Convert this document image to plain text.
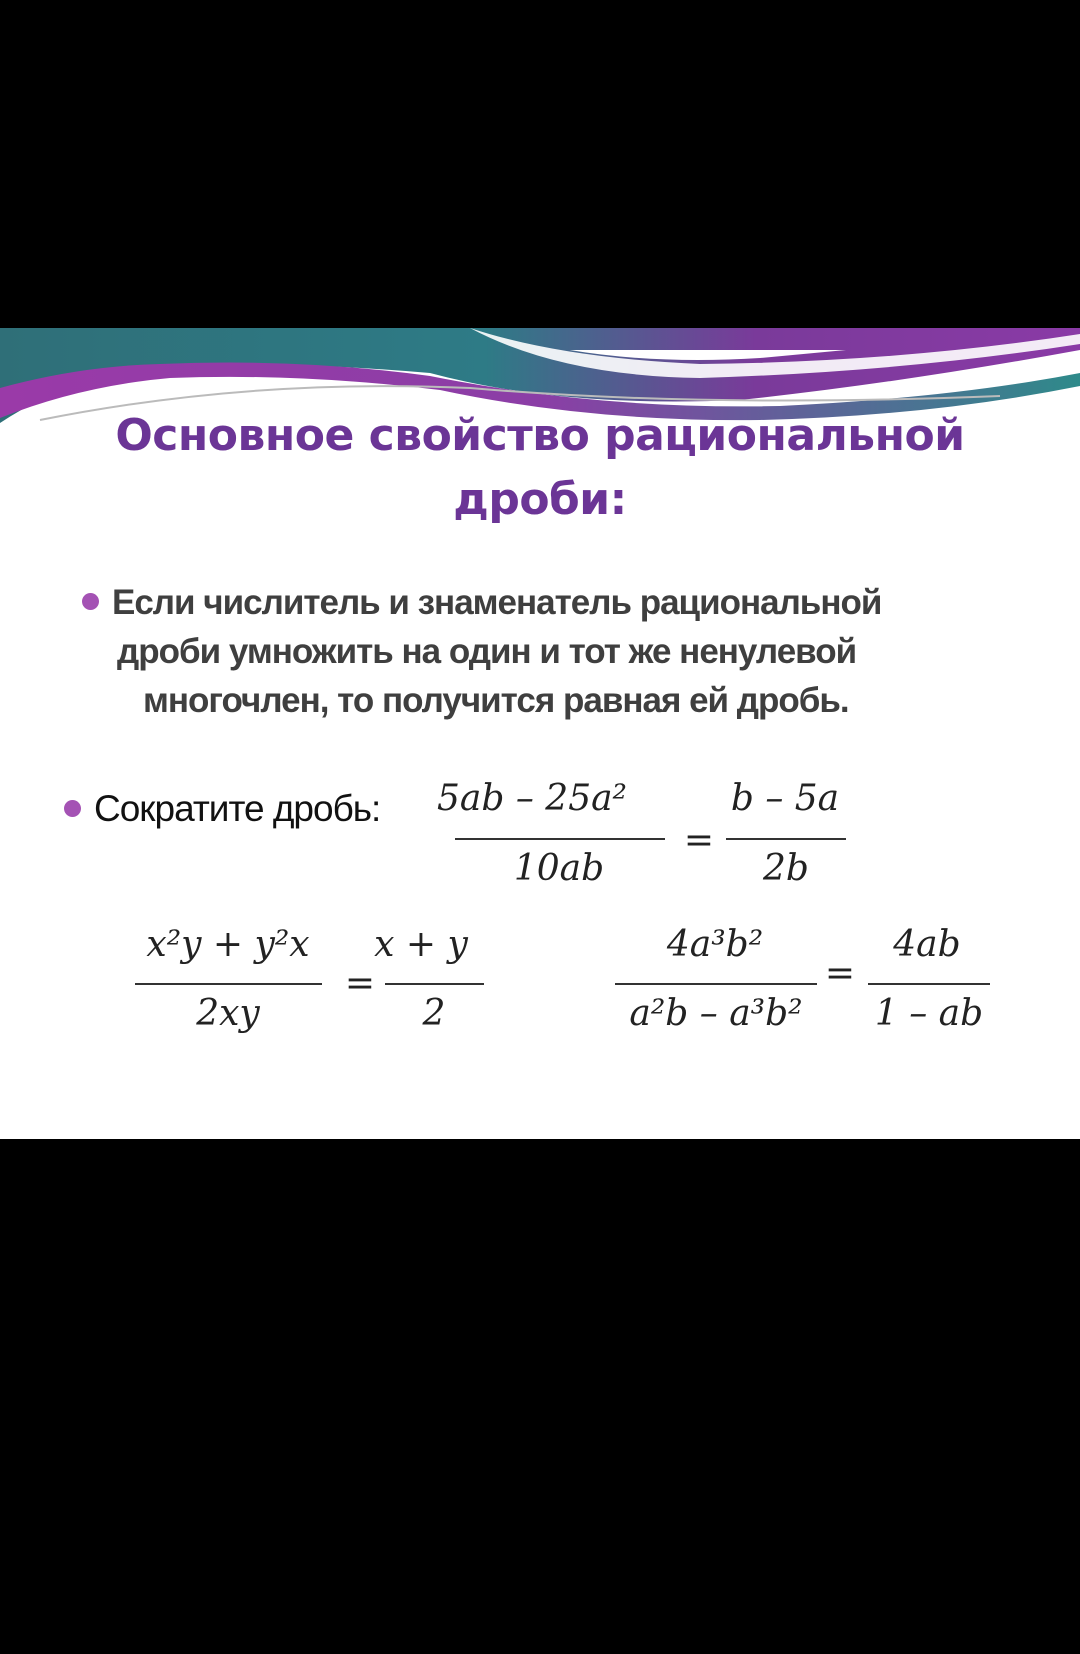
Основное свойство рациональной
дроби:
Если числитель и знаменатель рациональной
дроби умножить на один и тот же ненулевой
многочлен, то получится равная ей дробь.
Сократите дробь: 5ab – 25a²
10ab
=
b – 5a
2b
x²y + y²x
2xy
=
x + y
2
4a³b²
a²b – a³b²
=
4ab
1 – ab
